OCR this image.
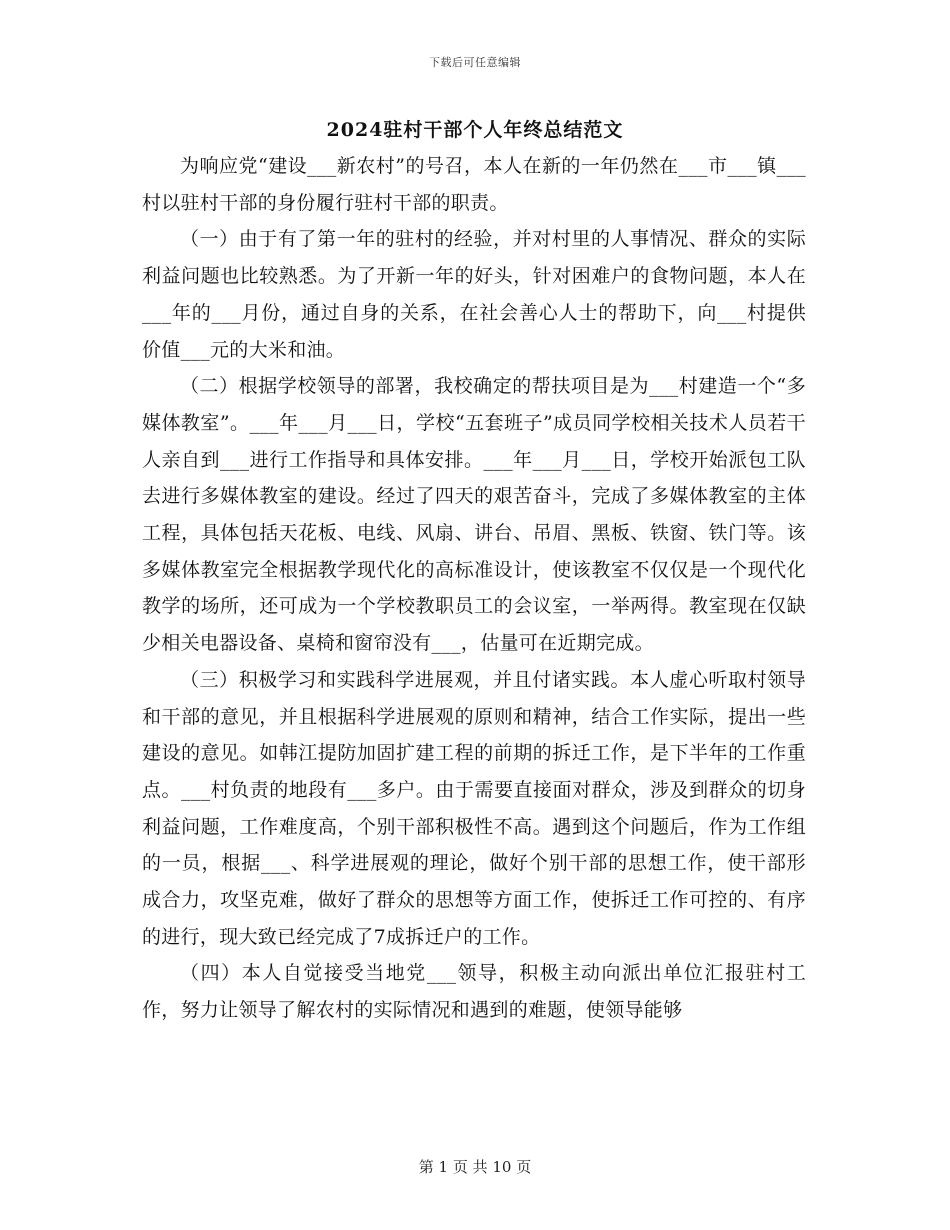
下载后可任意编辑
2024驻村干部个人年终总结范文

为响应党“建设___新农村”的号召，本人在新的一年仍然在___市___镇___村以驻村干部的身份履行驻村干部的职责。

（一）由于有了第一年的驻村的经验，并对村里的人事情况、群众的实际利益问题也比较熟悉。为了开新一年的好头，针对困难户的食物问题，本人在___年的___月份，通过自身的关系，在社会善心人士的帮助下，向___村提供价值___元的大米和油。

（二）根据学校领导的部署，我校确定的帮扶项目是为___村建造一个“多媒体教室”。___年___月___日，学校“五套班子”成员同学校相关技术人员若干人亲自到___进行工作指导和具体安排。___年___月___日，学校开始派包工队去进行多媒体教室的建设。经过了四天的艰苦奋斗，完成了多媒体教室的主体工程，具体包括天花板、电线、风扇、讲台、吊眉、黑板、铁窗、铁门等。该多媒体教室完全根据教学现代化的高标准设计，使该教室不仅仅是一个现代化教学的场所，还可成为一个学校教职员工的会议室，一举两得。教室现在仅缺少相关电器设备、桌椅和窗帘没有___，估量可在近期完成。

（三）积极学习和实践科学进展观，并且付诸实践。本人虚心听取村领导和干部的意见，并且根据科学进展观的原则和精神，结合工作实际，提出一些建设的意见。如韩江提防加固扩建工程的前期的拆迁工作，是下半年的工作重点。___村负责的地段有___多户。由于需要直接面对群众，涉及到群众的切身利益问题，工作难度高，个别干部积极性不高。遇到这个问题后，作为工作组的一员，根据___、科学进展观的理论，做好个别干部的思想工作，使干部形成合力，攻坚克难，做好了群众的思想等方面工作，使拆迁工作可控的、有序的进行，现大致已经完成了7成拆迁户的工作。

（四）本人自觉接受当地党___领导，积极主动向派出单位汇报驻村工作，努力让领导了解农村的实际情况和遇到的难题，使领导能够

第 1 页 共 10 页
